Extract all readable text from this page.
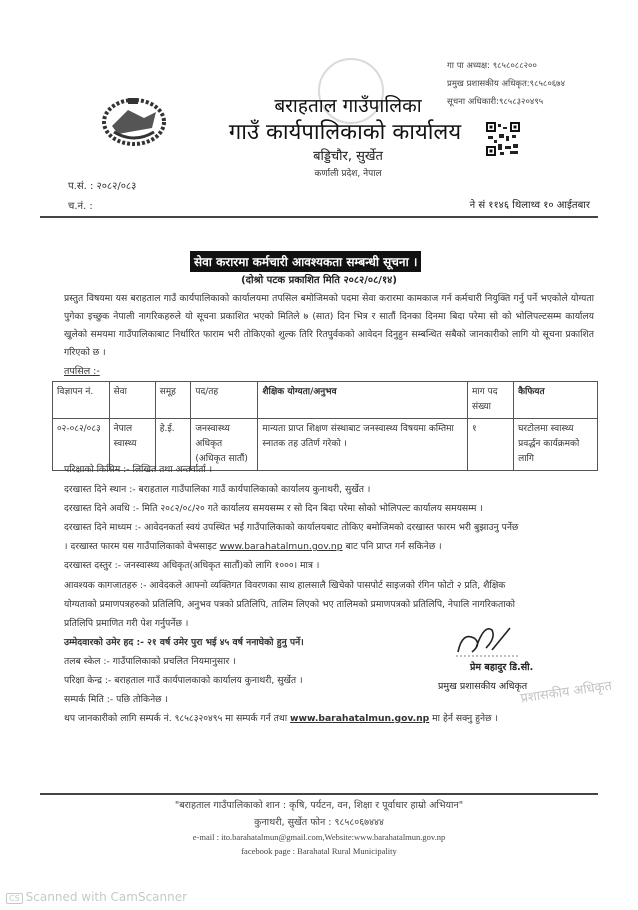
बराहताल गाउँपालिका
गाउँ कार्यपालिकाको कार्यालय
बड्डिचौर, सुर्खेत
कर्णाली प्रदेश, नेपाल
गा पा अध्यक्ष: ९८५८०८८२००
प्रमुख प्रशासकीय अधिकृत:९८५८०६७४
सूचना अधिकारी:९८५८३२०४९५
प.सं. : २०८२/०८३
च.नं. :	ने सं ११४६ थिलाथ्व १० आईतबार
सेवा करारमा कर्मचारी आवश्यकता सम्बन्धी सूचना ।
(दोश्रो पटक प्रकाशित मिति २०८२/०८/१४)
प्रस्तुत विषयमा यस बराहताल गाउँ कार्यपालिकाको कार्यालयमा तपसिल बमोजिमको पदमा सेवा करारमा कामकाज गर्न कर्मचारी नियुक्ति गर्नु पर्ने भएकोले योग्यता पुगेका इच्छुक नेपाली नागरिकहरुले यो सूचना प्रकाशित भएको मितिले ७ (सात) दिन भित्र र सातौं दिनका दिनमा बिदा परेमा सो को भोलिपल्टसम्म कार्यालय खुलेको समयमा गाउँपालिकाबाट निर्धारित फाराम भरी तोकिएको शुल्क तिरि रितपुर्वकको आवेदन दिनुहुन सम्बन्धित सबैको जानकारीको लागि यो सूचना प्रकाशित गरिएको छ ।
तपसिल :-
विज्ञापन नं.	सेवा	समूह	पद/तह	शैक्षिक योग्यता/अनुभव	माग पद संख्या	कैफियत
०२-०८२/०८३	नेपाल स्वास्थ्य	हे.ई.	जनस्वास्थ्य अधिकृत (अधिकृत सातौं)	मान्यता प्राप्त शिक्षण संस्थाबाट जनस्वास्थ्य विषयमा कम्तिमा स्नातक तह उतिर्ण गरेको ।	१	घरटोलमा स्वास्थ्य प्रवर्द्धन कार्यक्रमको लागि
परिक्षाको किसिम :- लिखित तथा अन्तर्वार्ता ।
दरखास्त दिने स्थान :- बराहताल गाउँपालिका गाउँ कार्यपालिकाको कार्यालय कुनाथरी, सुर्खेत ।
दरखास्त दिने अवधि :- मिति २०८२/०८/२० गते कार्यालय समयसम्म र सो दिन बिदा परेमा सोको भोलिपल्ट कार्यालय समयसम्म ।
दरखास्त दिने माध्यम :- आवेदनकर्ता स्वयं उपस्थित भई गाउँपालिकाको कार्यालयबाट तोकिए बमोजिमको दरखास्त फारम भरी बुझाउनु पर्नेछ
। दरखास्त फारम यस गाउँपालिकाको वेभसाइट www.barahatalmun.gov.np बाट पनि प्राप्त गर्न सकिनेछ ।
दरखास्त दस्तुर :- जनस्वास्थ्य अधिकृत(अधिकृत सातौं)को लागि १०००। मात्र ।
आवश्यक कागजातहरु :- आवेदकले आफ्नो व्यक्तिगत विवरणका साथ हालसालै खिचेको पासपोर्ट साइजको रंगिन फोटो २ प्रति, शैक्षिक
योग्यताको प्रमाणपत्रहरुको प्रतिलिपि, अनुभव पत्रको प्रतिलिपि, तालिम लिएको भए तालिमको प्रमाणपत्रको प्रतिलिपि, नेपालि नागरिकताको
प्रतिलिपि प्रमाणित गरी पेश गर्नुपर्नेछ ।
उम्मेदवारको उमेर हद :- २१ वर्ष उमेर पुरा भई ४५ वर्ष ननाघेको हुनु पर्ने।
तलब स्केल :- गाउँपालिकाको प्रचलित नियमानुसार ।
परिक्षा केन्द्र :- बराहताल गाउँ कार्यपालकाको कार्यालय कुनाथरी, सुर्खेत ।
सम्पर्क मिति :- पछि तोकिनेछ ।
थप जानकारीको लागि सम्पर्क नं. ९८५८३२०४९५ मा सम्पर्क गर्न तथा www.barahatalmun.gov.np मा हेर्न सक्नु हुनेछ ।
प्रेम बहादुर डि.सी.
प्रमुख प्रशासकीय अधिकृत
प्रशासकीय अधिकृत
"बराहताल गाउँपालिकाको शान : कृषि, पर्यटन, वन, शिक्षा र पूर्वाधार हाम्रो अभियान"
कुनाथरी, सुर्खेत फोन : ९८५८०६७४४४
e-mail : ito.barahatalmun@gmail.com,Website:www.barahatalmun.gov.np
facebook page : Barahatal Rural Municipality
CS Scanned with CamScanner
